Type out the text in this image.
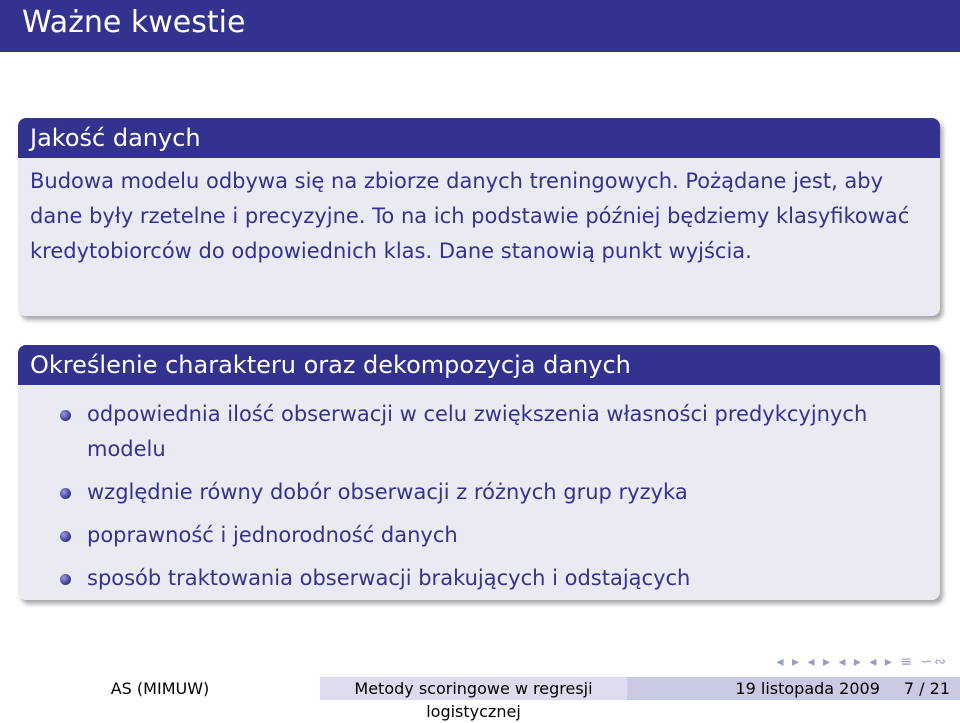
Ważne kwestie
Jakość danych
Budowa modelu odbywa się na zbiorze danych treningowych. Pożądane jest, aby dane były rzetelne i precyzyjne. To na ich podstawie później będziemy klasyfikować kredytobiorców do odpowiednich klas. Dane stanowią punkt wyjścia.
Określenie charakteru oraz dekompozycja danych
odpowiednia ilość obserwacji w celu zwiększenia własności predykcyjnych modelu
względnie równy dobór obserwacji z różnych grup ryzyka
poprawność i jednorodność danych
sposób traktowania obserwacji brakujących i odstających
◂ ▸ ◂ ▸ ◂ ▸ ◂ ▸ ≡ ∽∾
AS (MIMUW)	Metody scoringowe w regresji logistycznej
19 listopada 2009 7 / 21
